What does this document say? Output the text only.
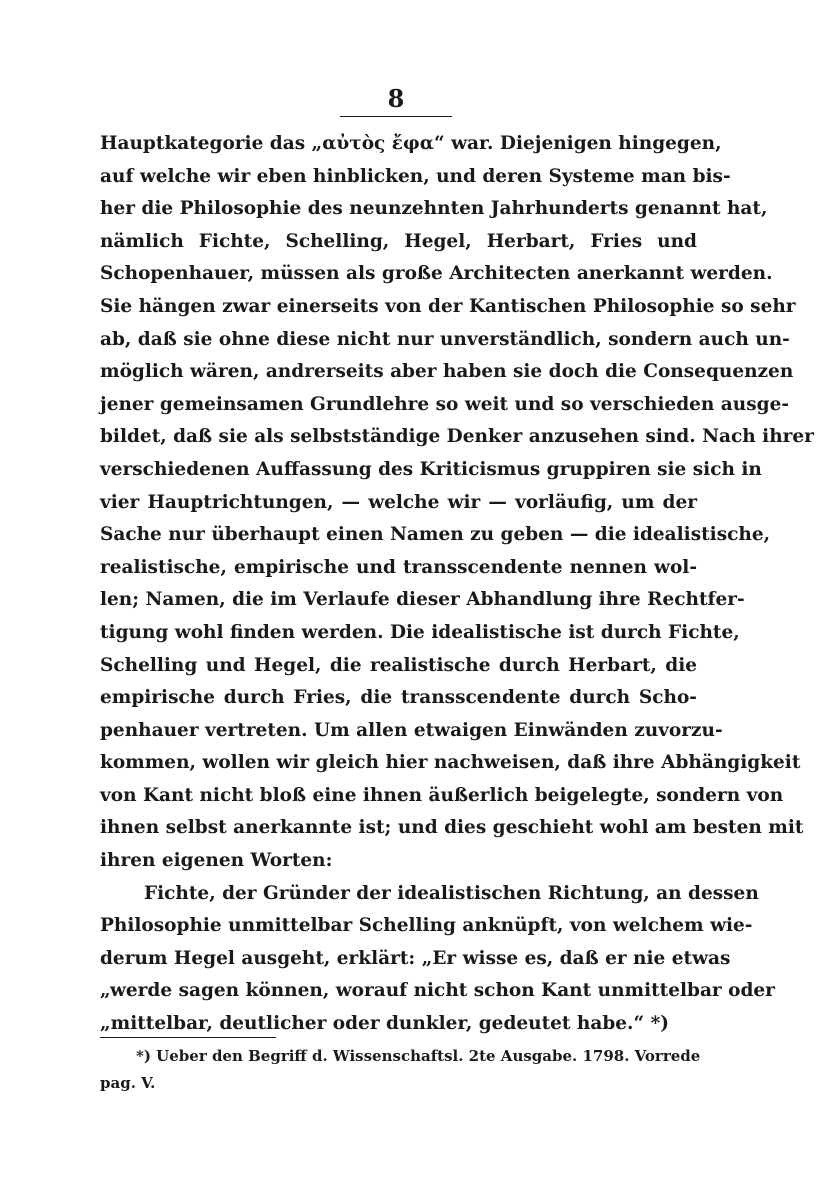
8
Hauptkategorie das „αὐτὸς ἔφα“ war. Diejenigen hingegen,
auf welche wir eben hinblicken, und deren Systeme man bis-
her die Philosophie des neunzehnten Jahrhunderts genannt hat,
nämlich Fichte, Schelling, Hegel, Herbart, Fries und
Schopenhauer, müssen als große Architecten anerkannt werden.
Sie hängen zwar einerseits von der Kantischen Philosophie so sehr
ab, daß sie ohne diese nicht nur unverständlich, sondern auch un-
möglich wären, andrerseits aber haben sie doch die Consequenzen
jener gemeinsamen Grundlehre so weit und so verschieden ausge-
bildet, daß sie als selbstständige Denker anzusehen sind. Nach ihrer
verschiedenen Auffassung des Kriticismus gruppiren sie sich in
vier Hauptrichtungen, — welche wir — vorläufig, um der
Sache nur überhaupt einen Namen zu geben — die idealistische,
realistische, empirische und transscendente nennen wol-
len; Namen, die im Verlaufe dieser Abhandlung ihre Rechtfer-
tigung wohl finden werden. Die idealistische ist durch Fichte,
Schelling und Hegel, die realistische durch Herbart, die
empirische durch Fries, die transscendente durch Scho-
penhauer vertreten. Um allen etwaigen Einwänden zuvorzu-
kommen, wollen wir gleich hier nachweisen, daß ihre Abhängigkeit
von Kant nicht bloß eine ihnen äußerlich beigelegte, sondern von
ihnen selbst anerkannte ist; und dies geschieht wohl am besten mit
ihren eigenen Worten:
Fichte, der Gründer der idealistischen Richtung, an dessen
Philosophie unmittelbar Schelling anknüpft, von welchem wie-
derum Hegel ausgeht, erklärt: „Er wisse es, daß er nie etwas
„werde sagen können, worauf nicht schon Kant unmittelbar oder
„mittelbar, deutlicher oder dunkler, gedeutet habe.“ *)
*) Ueber den Begriff d. Wissenschaftsl. 2te Ausgabe. 1798. Vorrede
pag. V.
